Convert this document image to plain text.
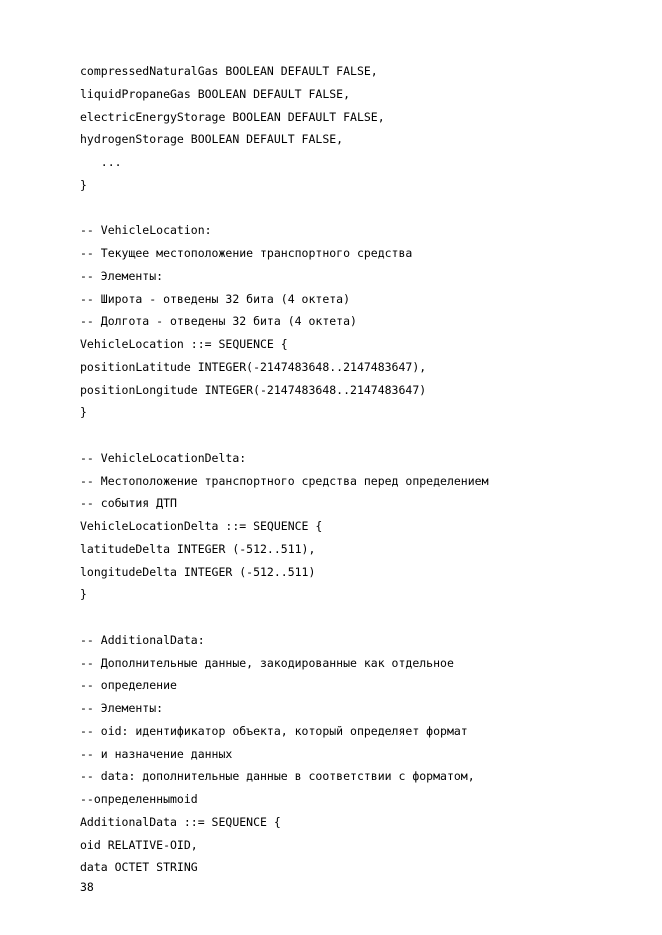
compressedNaturalGas BOOLEAN DEFAULT FALSE,
liquidPropaneGas BOOLEAN DEFAULT FALSE,
electricEnergyStorage BOOLEAN DEFAULT FALSE,
hydrogenStorage BOOLEAN DEFAULT FALSE,
...
}
-- VehicleLocation:
-- Текущее местоположение транспортного средства
-- Элементы:
-- Широта - отведены 32 бита (4 октета)
-- Долгота - отведены 32 бита (4 октета)
VehicleLocation ::= SEQUENCE {
positionLatitude INTEGER(-2147483648..2147483647),
positionLongitude INTEGER(-2147483648..2147483647)
}
-- VehicleLocationDelta:
-- Местоположение транспортного средства перед определением
-- события ДТП
VehicleLocationDelta ::= SEQUENCE {
latitudeDelta INTEGER (-512..511),
longitudeDelta INTEGER (-512..511)
}
-- AdditionalData:
-- Дополнительные данные, закодированные как отдельное
-- определение
-- Элементы:
-- oid: идентификатор объекта, который определяет формат
-- и назначение данных
-- data: дополнительные данные в соответствии с форматом,
--определенныmoid
AdditionalData ::= SEQUENCE {
oid RELATIVE-OID,
data OCTET STRING
38
